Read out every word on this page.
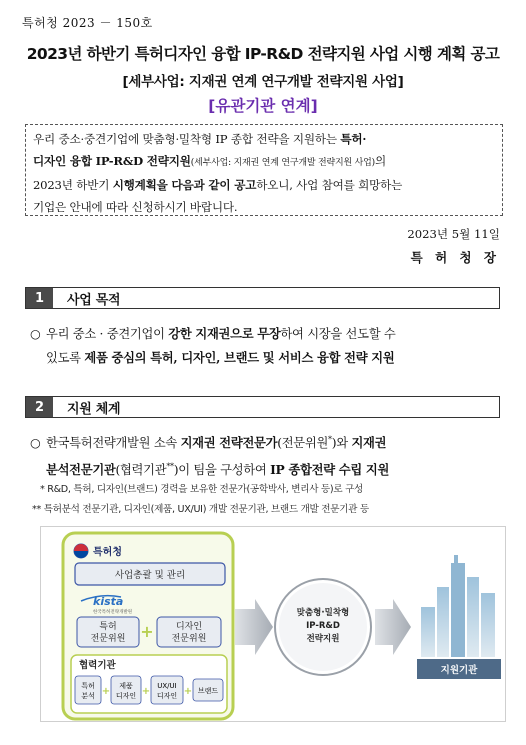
특허청 2023 － 150호
2023년 하반기 특허디자인 융합 IP-R&D 전략지원 사업 시행 계획 공고
[세부사업: 지재권 연계 연구개발 전략지원 사업]
[유관기관 연계]
우리 중소·중견기업에 맞춤형·밀착형 IP 종합 전략을 지원하는 특허·
디자인 융합 IP-R&D 전략지원(세부사업: 지재권 연계 연구개발 전략지원 사업)의
2023년 하반기 시행계획을 다음과 같이 공고하오니, 사업 참여를 희망하는
기업은 안내에 따라 신청하시기 바랍니다.
2023년 5월 11일
특 허 청 장
1	사업 목적
○ 우리 중소 · 중견기업이 강한 지재권으로 무장하여 시장을 선도할 수
있도록 제품 중심의 특허, 디자인, 브랜드 및 서비스 융합 전략 지원
2	지원 체계
○ 한국특허전략개발원 소속 지재권 전략전문가(전문위원*)와 지재권
분석전문기관(협력기관**)이 팀을 구성하여 IP 종합전략 수립 지원
* R&D, 특허, 디자인(브랜드) 경력을 보유한 전문가(공학박사, 변리사 등)로 구성
** 특허분석 전문기관, 디자인(제품, UX/UI) 개발 전문기관, 브랜드 개발 전문기관 등
특허청
사업총괄 및 관리
kista
한국특허전략개발원
특허
전문위원 + 디자인
전문위원
협력기관
특허
분석 + 제품
디자인 + UX/UI
디자인 + 브랜드
맞춤형·밀착형
IP-R&D
전략지원
지원기관
